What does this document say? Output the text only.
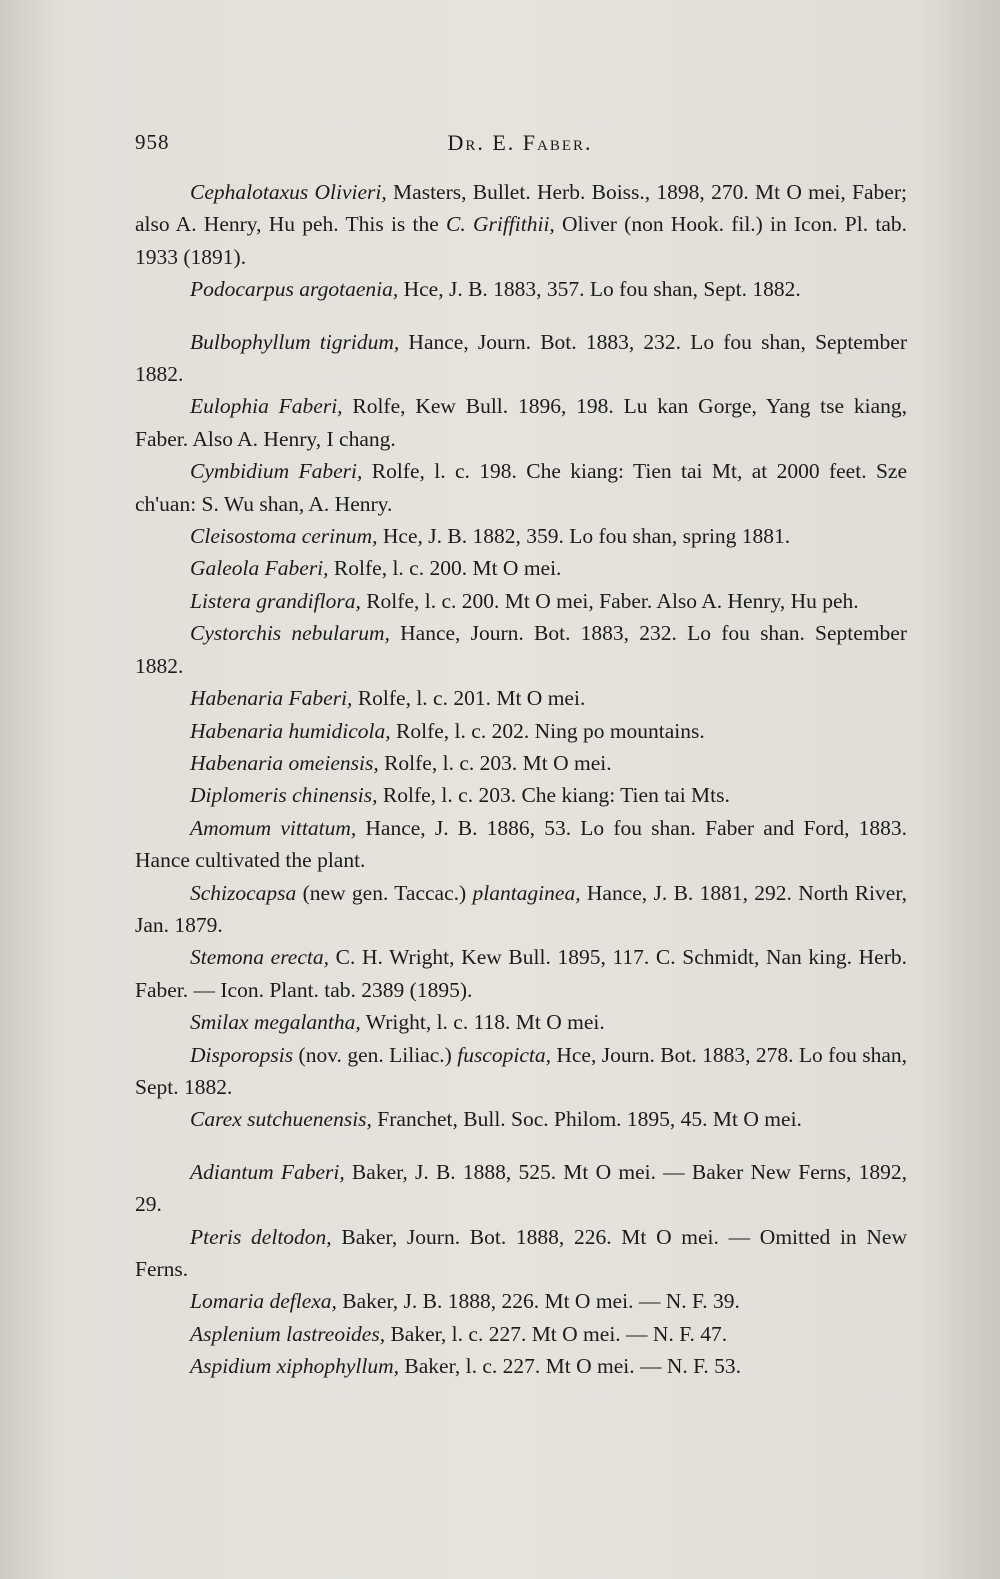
958	Dr. E. Faber.

Cephalotaxus Olivieri, Masters, Bullet. Herb. Boiss., 1898, 270. Mt O mei, Faber; also A. Henry, Hu peh. This is the C. Griffithii, Oliver (non Hook. fil.) in Icon. Pl. tab. 1933 (1891).

Podocarpus argotaenia, Hce, J. B. 1883, 357. Lo fou shan, Sept. 1882.

Bulbophyllum tigridum, Hance, Journ. Bot. 1883, 232. Lo fou shan, September 1882.

Eulophia Faberi, Rolfe, Kew Bull. 1896, 198. Lu kan Gorge, Yang tse kiang, Faber. Also A. Henry, I chang.

Cymbidium Faberi, Rolfe, l. c. 198. Che kiang: Tien tai Mt, at 2000 feet. Sze ch'uan: S. Wu shan, A. Henry.

Cleisostoma cerinum, Hce, J. B. 1882, 359. Lo fou shan, spring 1881.

Galeola Faberi, Rolfe, l. c. 200. Mt O mei.

Listera grandiflora, Rolfe, l. c. 200. Mt O mei, Faber. Also A. Henry, Hu peh.

Cystorchis nebularum, Hance, Journ. Bot. 1883, 232. Lo fou shan. September 1882.

Habenaria Faberi, Rolfe, l. c. 201. Mt O mei.

Habenaria humidicola, Rolfe, l. c. 202. Ning po mountains.

Habenaria omeiensis, Rolfe, l. c. 203. Mt O mei.

Diplomeris chinensis, Rolfe, l. c. 203. Che kiang: Tien tai Mts.

Amomum vittatum, Hance, J. B. 1886, 53. Lo fou shan. Faber and Ford, 1883. Hance cultivated the plant.

Schizocapsa (new gen. Taccac.) plantaginea, Hance, J. B. 1881, 292. North River, Jan. 1879.

Stemona erecta, C. H. Wright, Kew Bull. 1895, 117. C. Schmidt, Nan king. Herb. Faber. — Icon. Plant. tab. 2389 (1895).

Smilax megalantha, Wright, l. c. 118. Mt O mei.

Disporopsis (nov. gen. Liliac.) fuscopicta, Hce, Journ. Bot. 1883, 278. Lo fou shan, Sept. 1882.

Carex sutchuenensis, Franchet, Bull. Soc. Philom. 1895, 45. Mt O mei.

Adiantum Faberi, Baker, J. B. 1888, 525. Mt O mei. — Baker New Ferns, 1892, 29.

Pteris deltodon, Baker, Journ. Bot. 1888, 226. Mt O mei. — Omitted in New Ferns.

Lomaria deflexa, Baker, J. B. 1888, 226. Mt O mei. — N. F. 39.

Asplenium lastreoides, Baker, l. c. 227. Mt O mei. — N. F. 47.

Aspidium xiphophyllum, Baker, l. c. 227. Mt O mei. — N. F. 53.
